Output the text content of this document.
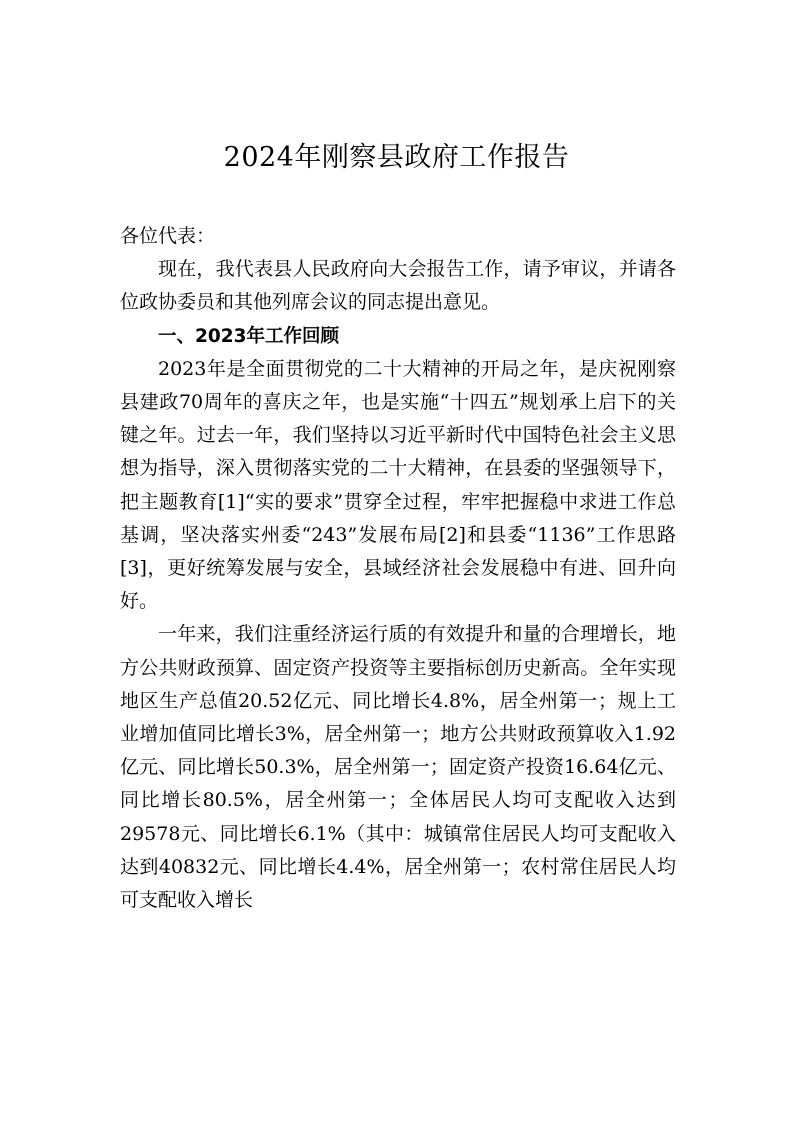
2024年刚察县政府工作报告

各位代表：

现在，我代表县人民政府向大会报告工作，请予审议，并请各位政协委员和其他列席会议的同志提出意见。

一、2023年工作回顾

2023年是全面贯彻党的二十大精神的开局之年，是庆祝刚察县建政70周年的喜庆之年，也是实施“十四五”规划承上启下的关键之年。过去一年，我们坚持以习近平新时代中国特色社会主义思想为指导，深入贯彻落实党的二十大精神，在县委的坚强领导下，把主题教育[1]“实的要求”贯穿全过程，牢牢把握稳中求进工作总基调，坚决落实州委“243”发展布局[2]和县委“1136”工作思路[3]，更好统筹发展与安全，县域经济社会发展稳中有进、回升向好。

一年来，我们注重经济运行质的有效提升和量的合理增长，地方公共财政预算、固定资产投资等主要指标创历史新高。全年实现地区生产总值20.52亿元、同比增长4.8%，居全州第一；规上工业增加值同比增长3%，居全州第一；地方公共财政预算收入1.92亿元、同比增长50.3%，居全州第一；固定资产投资16.64亿元、同比增长80.5%，居全州第一；全体居民人均可支配收入达到29578元、同比增长6.1%（其中：城镇常住居民人均可支配收入达到40832元、同比增长4.4%，居全州第一；农村常住居民人均可支配收入增长
